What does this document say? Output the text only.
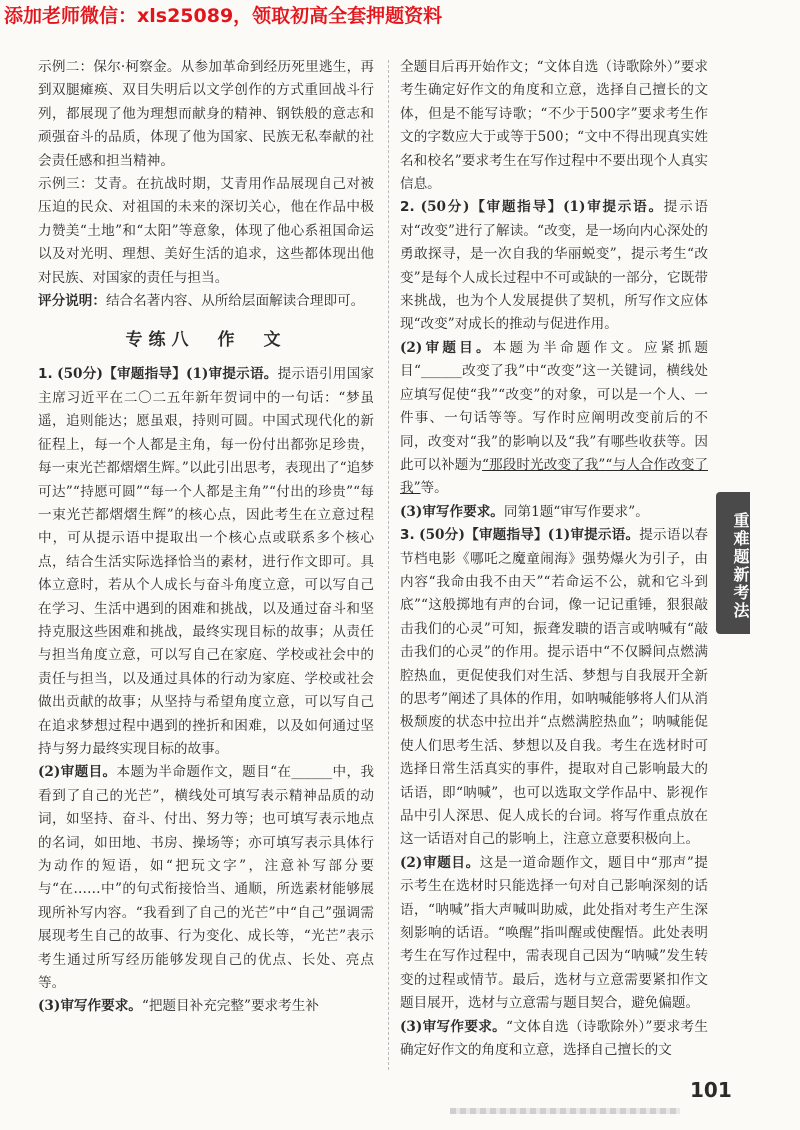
添加老师微信：xls25089，领取初高全套押题资料

示例二：保尔·柯察金。从参加革命到经历死里逃生，再到双腿瘫痪、双目失明后以文学创作的方式重回战斗行列，都展现了他为理想而献身的精神、钢铁般的意志和顽强奋斗的品质，体现了他为国家、民族无私奉献的社会责任感和担当精神。

示例三：艾青。在抗战时期，艾青用作品展现自己对被压迫的民众、对祖国的未来的深切关心，他在作品中极力赞美“土地”和“太阳”等意象，体现了他心系祖国命运以及对光明、理想、美好生活的追求，这些都体现出他对民族、对国家的责任与担当。

评分说明：结合名著内容、从所给层面解读合理即可。

专练八　作　文

1. (50分)【审题指导】(1)审提示语。提示语引用国家主席习近平在二〇二五年新年贺词中的一句话：“梦虽遥，追则能达；愿虽艰，持则可圆。中国式现代化的新征程上，每一个人都是主角，每一份付出都弥足珍贵，每一束光芒都熠熠生辉。”以此引出思考，表现出了“追梦可达”“持愿可圆”“每一个人都是主角”“付出的珍贵”“每一束光芒都熠熠生辉”的核心点，因此考生在立意过程中，可从提示语中提取出一个核心点或联系多个核心点，结合生活实际选择恰当的素材，进行作文即可。具体立意时，若从个人成长与奋斗角度立意，可以写自己在学习、生活中遇到的困难和挑战，以及通过奋斗和坚持克服这些困难和挑战，最终实现目标的故事；从责任与担当角度立意，可以写自己在家庭、学校或社会中的责任与担当，以及通过具体的行动为家庭、学校或社会做出贡献的故事；从坚持与希望角度立意，可以写自己在追求梦想过程中遇到的挫折和困难，以及如何通过坚持与努力最终实现目标的故事。

(2)审题目。本题为半命题作文，题目“在______中，我看到了自己的光芒”，横线处可填写表示精神品质的动词，如坚持、奋斗、付出、努力等；也可填写表示地点的名词，如田地、书房、操场等；亦可填写表示具体行为动作的短语，如“把玩文字”，注意补写部分要与“在……中”的句式衔接恰当、通顺，所选素材能够展现所补写内容。“我看到了自己的光芒”中“自己”强调需展现考生自己的故事、行为变化、成长等，“光芒”表示考生通过所写经历能够发现自己的优点、长处、亮点等。

(3)审写作要求。“把题目补充完整”要求考生补

全题目后再开始作文；“文体自选（诗歌除外）”要求考生确定好作文的角度和立意，选择自己擅长的文体，但是不能写诗歌；“不少于500字”要求考生作文的字数应大于或等于500；“文中不得出现真实姓名和校名”要求考生在写作过程中不要出现个人真实信息。

2. (50分)【审题指导】(1)审提示语。提示语对“改变”进行了解读。“改变，是一场向内心深处的勇敢探寻，是一次自我的华丽蜕变”，提示考生“改变”是每个人成长过程中不可或缺的一部分，它既带来挑战，也为个人发展提供了契机，所写作文应体现“改变”对成长的推动与促进作用。

(2)审题目。本题为半命题作文。应紧抓题目“______改变了我”中“改变”这一关键词，横线处应填写促使“我”“改变”的对象，可以是一个人、一件事、一句话等等。写作时应阐明改变前后的不同，改变对“我”的影响以及“我”有哪些收获等。因此可以补题为“那段时光改变了我”“与人合作改变了我”等。

(3)审写作要求。同第1题“审写作要求”。

3. (50分)【审题指导】(1)审提示语。提示语以春节档电影《哪吒之魔童闹海》强势爆火为引子，由内容“我命由我不由天”“若命运不公，就和它斗到底”“这般掷地有声的台词，像一记记重锤，狠狠敲击我们的心灵”可知，振聋发聩的语言或呐喊有“敲击我们的心灵”的作用。提示语中“不仅瞬间点燃满腔热血，更促使我们对生活、梦想与自我展开全新的思考”阐述了具体的作用，如呐喊能够将人们从消极颓废的状态中拉出并“点燃满腔热血”；呐喊能促使人们思考生活、梦想以及自我。考生在选材时可选择日常生活真实的事件，提取对自己影响最大的话语，即“呐喊”，也可以选取文学作品中、影视作品中引人深思、促人成长的台词。将写作重点放在这一话语对自己的影响上，注意立意要积极向上。

(2)审题目。这是一道命题作文，题目中“那声”提示考生在选材时只能选择一句对自己影响深刻的话语，“呐喊”指大声喊叫助威，此处指对考生产生深刻影响的话语。“唤醒”指叫醒或使醒悟。此处表明考生在写作过程中，需表现自己因为“呐喊”发生转变的过程或情节。最后，选材与立意需要紧扣作文题目展开，选材与立意需与题目契合，避免偏题。

(3)审写作要求。“文体自选（诗歌除外）”要求考生确定好作文的角度和立意，选择自己擅长的文

重难题新考法
101
